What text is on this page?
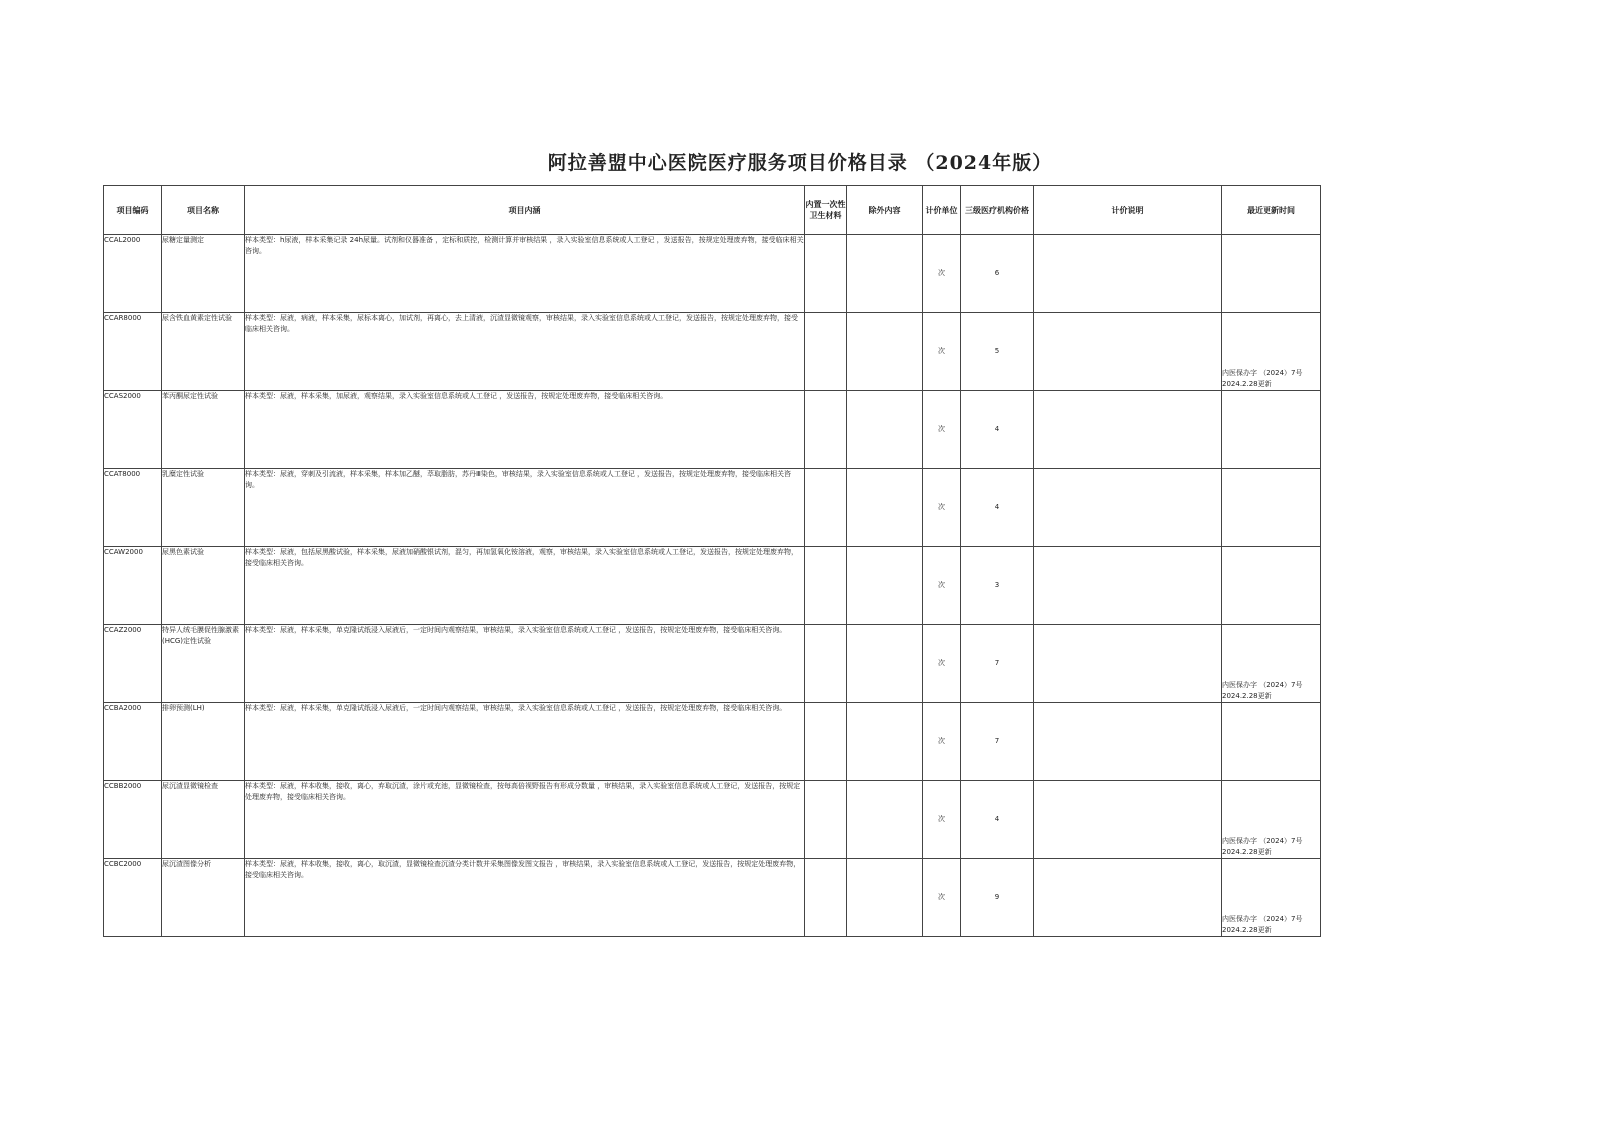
阿拉善盟中心医院医疗服务项目价格目录 （2024年版）
项目编码	项目名称	项目内涵	内置一次性卫生材料	除外内容	计价单位	三级医疗机构价格	计价说明	最近更新时间
CCAL2000	尿糖定量测定	样本类型：h尿液，样本采集记录 24h尿量。试剂和仪器准备 ，定标和质控，检测计算并审核结果 ，录入实验室信息系统或人工登记 ，发送报告，按规定处理废弃物，接受临床相关咨询。			次	6		
CCAR8000	尿含铁血黄素定性试验	样本类型：尿液，病液，样本采集，尿标本离心，加试剂，再离心，去上清液，沉渣显微镜观察，审核结果，录入实验室信息系统或人工登记，发送报告，按规定处理废弃物，接受临床相关咨询。			次	5		内医保办字 （2024）7号 2024.2.28更新
CCAS2000	苯丙酮尿定性试验	样本类型：尿液，样本采集，加尿液，观察结果，录入实验室信息系统或人工登记 ，发送报告，按规定处理废弃物，接受临床相关咨询。			次	4		
CCAT8000	乳糜定性试验	样本类型：尿液，穿刺及引流液，样本采集，样本加乙醚，萃取脂肪，苏丹Ⅲ染色，审核结果，录入实验室信息系统或人工登记 ，发送报告，按规定处理废弃物，接受临床相关咨询。			次	4		
CCAW2000	尿黑色素试验	样本类型：尿液，包括尿黑酸试验，样本采集，尿液加硝酸银试剂，混匀，再加氢氧化铵溶液，观察，审核结果，录入实验室信息系统或人工登记，发送报告，按规定处理废弃物，接受临床相关咨询。			次	3		
CCAZ2000	特异人绒毛膜促性腺激素(HCG)定性试验	样本类型：尿液，样本采集，单克隆试纸浸入尿液后，一定时间内观察结果，审核结果，录入实验室信息系统或人工登记 ，发送报告，按规定处理废弃物，接受临床相关咨询。			次	7		内医保办字 （2024）7号 2024.2.28更新
CCBA2000	排卵预测(LH)	样本类型：尿液，样本采集，单克隆试纸浸入尿液后，一定时间内观察结果，审核结果，录入实验室信息系统或人工登记 ，发送报告，按规定处理废弃物，接受临床相关咨询。			次	7		
CCBB2000	尿沉渣显微镜检查	样本类型：尿液，样本收集，接收，离心，弃取沉渣，涂片或充池，显微镜检查，按每高倍视野报告有形成分数量 ，审核结果，录入实验室信息系统或人工登记，发送报告，按规定处理废弃物，接受临床相关咨询。			次	4		内医保办字 （2024）7号 2024.2.28更新
CCBC2000	尿沉渣图像分析	样本类型：尿液，样本收集，接收，离心，取沉渣，显微镜检查沉渣分类计数并采集图像发图文报告 ，审核结果，录入实验室信息系统或人工登记，发送报告，按规定处理废弃物，接受临床相关咨询。			次	9		内医保办字 （2024）7号 2024.2.28更新
